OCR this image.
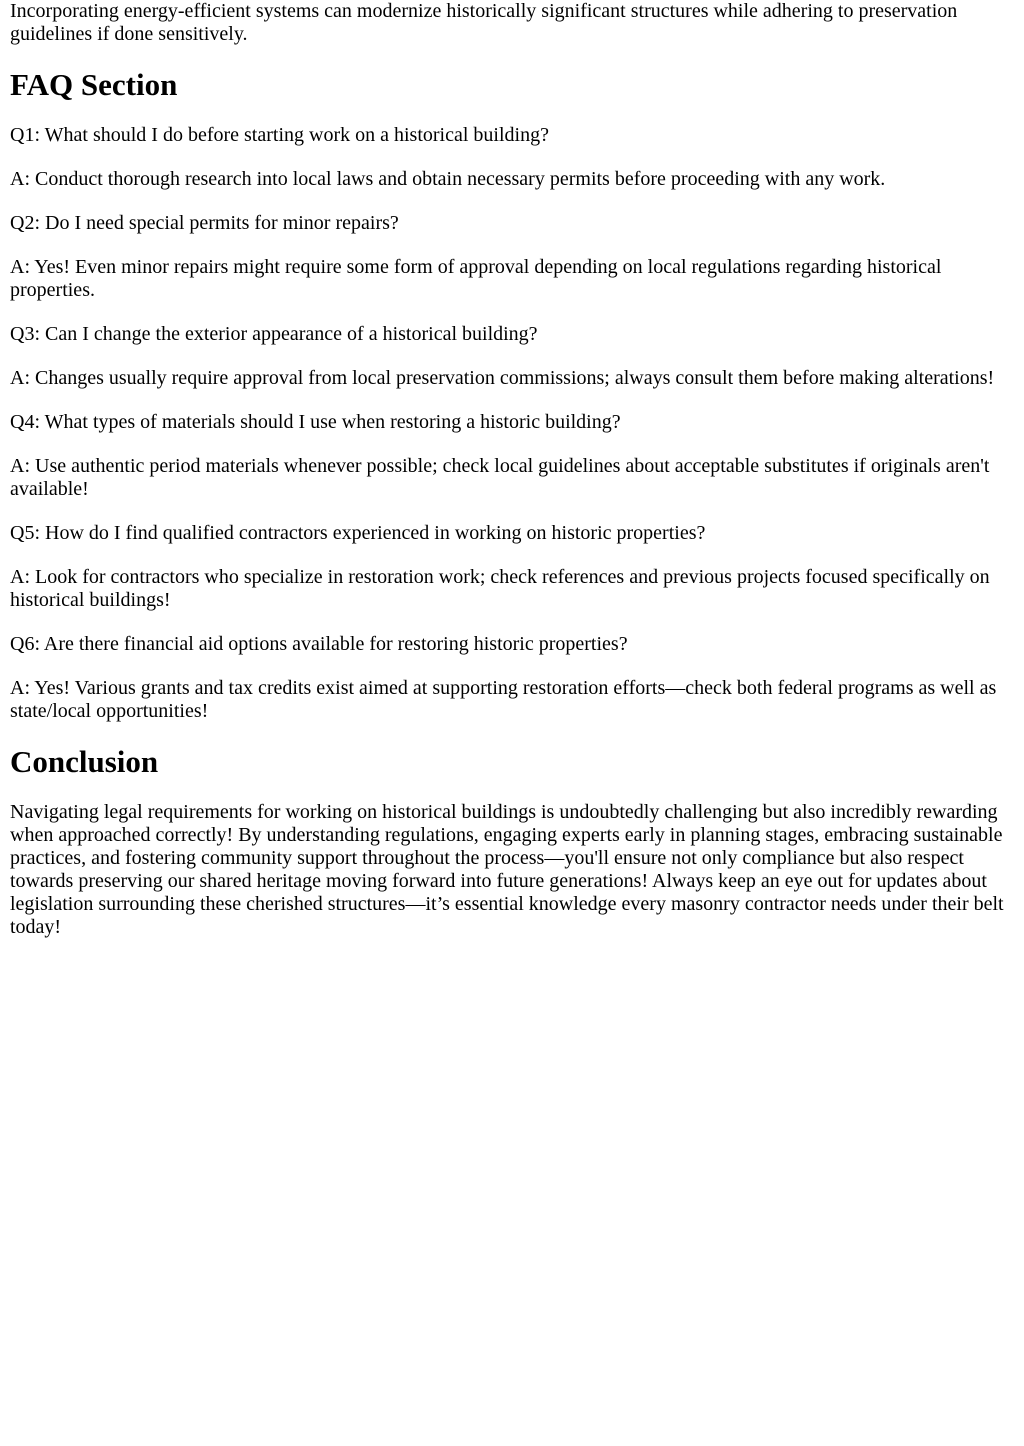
Incorporating energy-efficient systems can modernize historically significant structures while adhering to preservation guidelines if done sensitively.

FAQ Section

Q1: What should I do before starting work on a historical building?

A: Conduct thorough research into local laws and obtain necessary permits before proceeding with any work.

Q2: Do I need special permits for minor repairs?

A: Yes! Even minor repairs might require some form of approval depending on local regulations regarding historical properties.

Q3: Can I change the exterior appearance of a historical building?

A: Changes usually require approval from local preservation commissions; always consult them before making alterations!

Q4: What types of materials should I use when restoring a historic building?

A: Use authentic period materials whenever possible; check local guidelines about acceptable substitutes if originals aren't available!

Q5: How do I find qualified contractors experienced in working on historic properties?

A: Look for contractors who specialize in restoration work; check references and previous projects focused specifically on historical buildings!

Q6: Are there financial aid options available for restoring historic properties?

A: Yes! Various grants and tax credits exist aimed at supporting restoration efforts—check both federal programs as well as state/local opportunities!

Conclusion

Navigating legal requirements for working on historical buildings is undoubtedly challenging but also incredibly rewarding when approached correctly! By understanding regulations, engaging experts early in planning stages, embracing sustainable practices, and fostering community support throughout the process—you'll ensure not only compliance but also respect towards preserving our shared heritage moving forward into future generations! Always keep an eye out for updates about legislation surrounding these cherished structures—it’s essential knowledge every masonry contractor needs under their belt today!
